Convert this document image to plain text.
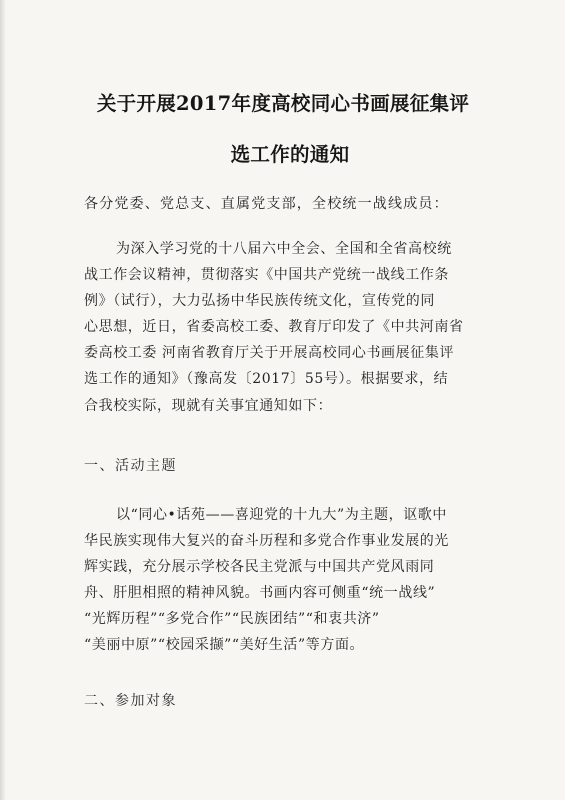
关于开展2017年度高校同心书画展征集评
选工作的通知
各分党委、党总支、直属党支部，全校统一战线成员：
为深入学习党的十八届六中全会、全国和全省高校统
战工作会议精神，贯彻落实《中国共产党统一战线工作条
例》（试行），大力弘扬中华民族传统文化，宣传党的同
心思想，近日，省委高校工委、教育厅印发了《中共河南省
委高校工委 河南省教育厅关于开展高校同心书画展征集评
选工作的通知》（豫高发〔2017〕55号）。根据要求，结
合我校实际，现就有关事宜通知如下：
一、活动主题
以“同心•话苑——喜迎党的十九大”为主题，讴歌中
华民族实现伟大复兴的奋斗历程和多党合作事业发展的光
辉实践，充分展示学校各民主党派与中国共产党风雨同
舟、肝胆相照的精神风貌。书画内容可侧重“统一战线”
“光辉历程”“多党合作”“民族团结”“和衷共济”
“美丽中原”“校园采撷”“美好生活”等方面。
二、参加对象
